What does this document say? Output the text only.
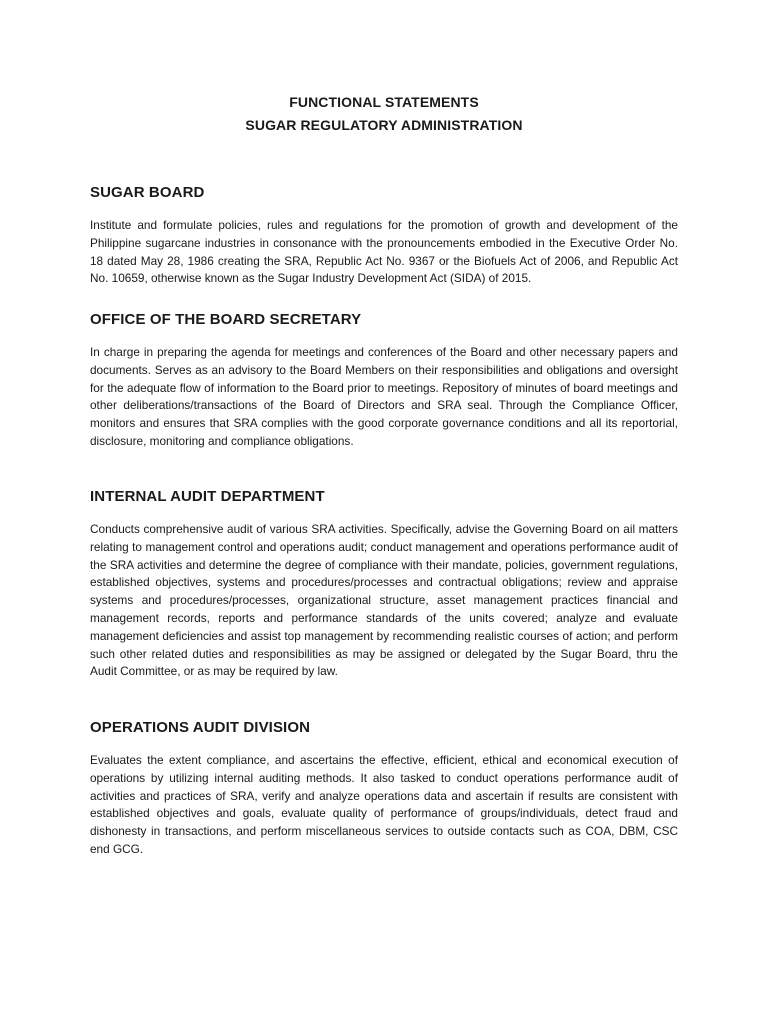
FUNCTIONAL STATEMENTS
SUGAR REGULATORY ADMINISTRATION
SUGAR BOARD

Institute and formulate policies, rules and regulations for the promotion of growth and development of the Philippine sugarcane industries in consonance with the pronouncements embodied in the Executive Order No. 18 dated May 28, 1986 creating the SRA, Republic Act No. 9367 or the Biofuels Act of 2006, and Republic Act No. 10659, otherwise known as the Sugar Industry Development Act (SIDA) of 2015.

OFFICE OF THE BOARD SECRETARY

In charge in preparing the agenda for meetings and conferences of the Board and other necessary papers and documents. Serves as an advisory to the Board Members on their responsibilities and obligations and oversight for the adequate flow of information to the Board prior to meetings. Repository of minutes of board meetings and other deliberations/transactions of the Board of Directors and SRA seal. Through the Compliance Officer, monitors and ensures that SRA complies with the good corporate governance conditions and all its reportorial, disclosure, monitoring and compliance obligations.

INTERNAL AUDIT DEPARTMENT

Conducts comprehensive audit of various SRA activities. Specifically, advise the Governing Board on ail matters relating to management control and operations audit; conduct management and operations performance audit of the SRA activities and determine the degree of compliance with their mandate, policies, government regulations, established objectives, systems and procedures/processes and contractual obligations; review and appraise systems and procedures/processes, organizational structure, asset management practices financial and management records, reports and performance standards of the units covered; analyze and evaluate management deficiencies and assist top management by recommending realistic courses of action; and perform such other related duties and responsibilities as may be assigned or delegated by the Sugar Board, thru the Audit Committee, or as may be required by law.

OPERATIONS AUDIT DIVISION

Evaluates the extent compliance, and ascertains the effective, efficient, ethical and economical execution of operations by utilizing internal auditing methods. It also tasked to conduct operations performance audit of activities and practices of SRA, verify and analyze operations data and ascertain if results are consistent with established objectives and goals, evaluate quality of performance of groups/individuals, detect fraud and dishonesty in transactions, and perform miscellaneous services to outside contacts such as COA, DBM, CSC end GCG.
